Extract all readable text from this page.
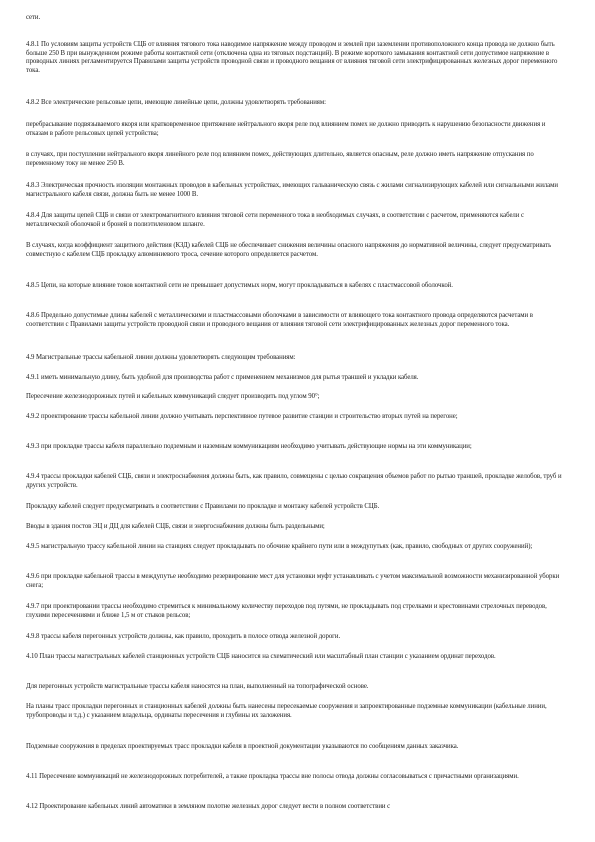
сети.

4.8.1 По условиям защиты устройств СЦБ от влияния тягового тока наводимое напряжение между проводом и землей при заземлении противоположного конца провода не должно быть больше 250 В при вынужденном режиме работы контактной сети (отключена одна из тяговых подстанций). В режиме короткого замыкания контактной сети допустимое напряжение в проводных линиях регламентируется Правилами защиты устройств проводной связи и проводного вещания от влияния тяговой сети электрифицированных железных дорог переменного тока.

4.8.2 Все электрические рельсовые цепи, имеющие линейные цепи, должны удовлетворять требованиям:

перебрасывание подвязываемого якоря или кратковременное притяжение нейтрального якоря реле под влиянием помех не должно приводить к нарушению безопасности движения и отказам в работе рельсовых цепей устройства;

в случаях, при поступлении нейтрального якоря линейного реле под влиянием помех, действующих длительно, является опасным, реле должно иметь напряжение отпускания по переменному току не менее 250 В.

4.8.3 Электрическая прочность изоляции монтажных проводов в кабельных устройствах, имеющих гальваническую связь с жилами сигнализирующих кабелей или сигнальными жилами магистрального кабеля связи, должна быть не менее 1000 В.

4.8.4 Для защиты цепей СЦБ и связи от электромагнитного влияния тяговой сети переменного тока в необходимых случаях, в соответствии с расчетом, применяются кабели с металлической оболочкой и броней в полиэтиленовом шланге.

В случаях, когда коэффициент защитного действия (КЗД) кабелей СЦБ не обеспечивает снижения величины опасного напряжения до нормативной величины, следует предусматривать совместную с кабелем СЦБ прокладку алюминиевого троса, сечение которого определяется расчетом.

4.8.5 Цепи, на которые влияние токов контактной сети не превышает допустимых норм, могут прокладываться в кабелях с пластмассовой оболочкой.

4.8.6 Предельно допустимые длины кабелей с металлическими и пластмассовыми оболочками в зависимости от влияющего тока контактного провода определяются расчетами в соответствии с Правилами защиты устройств проводной связи и проводного вещания от влияния тяговой сети электрифицированных железных дорог переменного тока.

4.9 Магистральные трассы кабельной линии должны удовлетворять следующим требованиям:

4.9.1 иметь минимальную длину, быть удобной для производства работ с применением механизмов для рытья траншей и укладки кабеля.

Пересечение железнодорожных путей и кабельных коммуникаций следует производить под углом 90°;

4.9.2 проектирование трассы кабельной линии должно учитывать перспективное путевое развитие станции и строительство вторых путей на перегоне;

4.9.3 при прокладке трассы кабеля параллельно подземным и наземным коммуникациям необходимо учитывать действующие нормы на эти коммуникации;

4.9.4 трассы прокладки кабелей СЦБ, связи и электроснабжения должны быть, как правило, совмещены с целью сокращения объемов работ по рытью траншей, прокладке желобов, труб и других устройств.

Прокладку кабелей следует предусматривать в соответствии с Правилами по прокладке и монтажу кабелей устройств СЦБ.

Вводы в здания постов ЭЦ и ДЦ для кабелей СЦБ, связи и энергоснабжения должны быть раздельными;

4.9.5 магистральную трассу кабельной линии на станциях следует прокладывать по обочине крайнего пути или в междупутьях (как, правило, свободных от других сооружений);

4.9.6 при прокладке кабельной трассы в междупутье необходимо резервирование мест для установки муфт устанавливать с учетом максимальной возможности механизированной уборки снега;

4.9.7 при проектировании трассы необходимо стремиться к минимальному количеству переходов под путями, не прокладывать под стрелками и крестовинами стрелочных переводов, глухими пересечениями и ближе 1,5 м от стыков рельсов;

4.9.8 трассы кабеля перегонных устройств должны, как правило, проходить в полосе отвода железной дороги.

4.10 План трассы магистральных кабелей станционных устройств СЦБ наносится на схематический или масштабный план станции с указанием ординат переходов.

Для перегонных устройств магистральные трассы кабеля наносятся на план, выполненный на топографической основе.

На планы трасс прокладки перегонных и станционных кабелей должны быть нанесены пересекаемые сооружения и запроектированные подземные коммуникации (кабельные линии, трубопроводы и т.д.) с указанием владельца, ординаты пересечения и глубины их заложения.

Подземные сооружения в пределах проектируемых трасс прокладки кабеля в проектной документации указываются по сообщениям данных заказчика.

4.11 Пересечение коммуникаций не железнодорожных потребителей, а также прокладка трассы вне полосы отвода должны согласовываться с причастными организациями.

4.12 Проектирование кабельных линий автоматики в земляном полотне железных дорог следует вести в полном соответствии с
